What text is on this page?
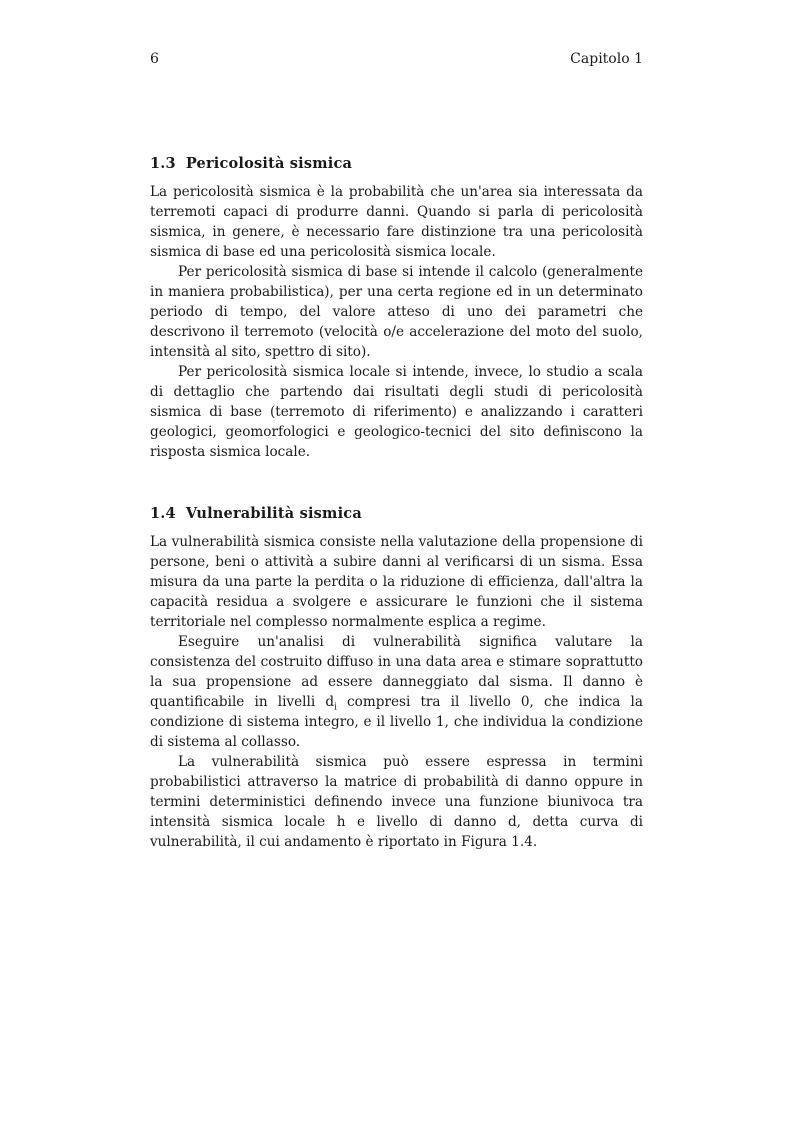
6	Capitolo 1
1.3 Pericolosità sismica

La pericolosità sismica è la probabilità che un'area sia interessata da terremoti capaci di produrre danni. Quando si parla di pericolosità sismica, in genere, è necessario fare distinzione tra una pericolosità sismica di base ed una pericolosità sismica locale.

Per pericolosità sismica di base si intende il calcolo (generalmente in maniera probabilistica), per una certa regione ed in un determinato periodo di tempo, del valore atteso di uno dei parametri che descrivono il terremoto (velocità o/e accelerazione del moto del suolo, intensità al sito, spettro di sito).

Per pericolosità sismica locale si intende, invece, lo studio a scala di dettaglio che partendo dai risultati degli studi di pericolosità sismica di base (terremoto di riferimento) e analizzando i caratteri geologici, geomorfologici e geologico-tecnici del sito definiscono la risposta sismica locale.

1.4 Vulnerabilità sismica

La vulnerabilità sismica consiste nella valutazione della propensione di persone, beni o attività a subire danni al verificarsi di un sisma. Essa misura da una parte la perdita o la riduzione di efficienza, dall'altra la capacità residua a svolgere e assicurare le funzioni che il sistema territoriale nel complesso normalmente esplica a regime.

Eseguire un'analisi di vulnerabilità significa valutare la consistenza del costruito diffuso in una data area e stimare soprattutto la sua propensione ad essere danneggiato dal sisma. Il danno è quantificabile in livelli $d_i$ compresi tra il livello 0, che indica la condizione di sistema integro, e il livello 1, che individua la condizione di sistema al collasso.

La vulnerabilità sismica può essere espressa in termini probabilistici attraverso la matrice di probabilità di danno oppure in termini deterministici definendo invece una funzione biunivoca tra intensità sismica locale h e livello di danno d, detta curva di vulnerabilità, il cui andamento è riportato in Figura 1.4.
